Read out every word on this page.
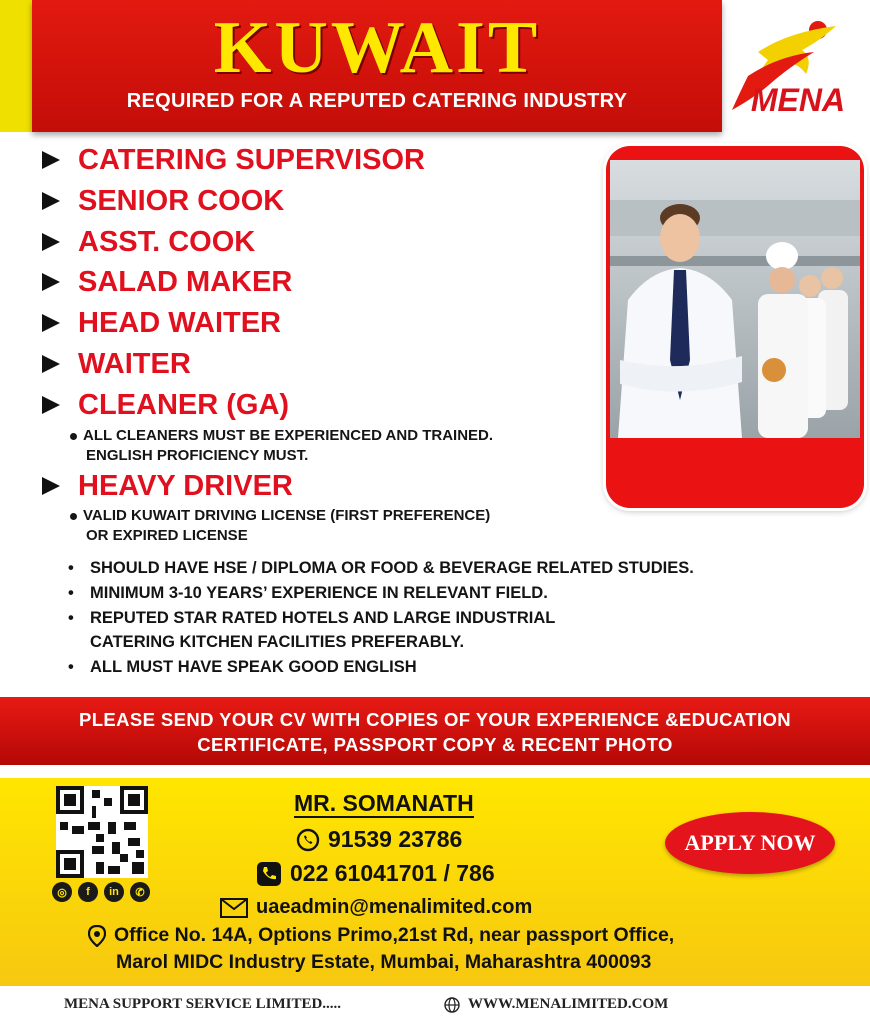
KUWAIT
REQUIRED FOR A REPUTED CATERING INDUSTRY	MENA
CATERING SUPERVISOR
SENIOR COOK
ASST. COOK
SALAD MAKER
HEAD WAITER
WAITER
CLEANER (GA)
ALL CLEANERS MUST BE EXPERIENCED AND TRAINED.
ENGLISH PROFICIENCY MUST.
HEAVY DRIVER
VALID KUWAIT DRIVING LICENSE (FIRST PREFERENCE)
OR EXPIRED LICENSE
• SHOULD HAVE HSE / DIPLOMA OR FOOD & BEVERAGE RELATED STUDIES.
• MINIMUM 3-10 YEARS’ EXPERIENCE IN RELEVANT FIELD.
• REPUTED STAR RATED HOTELS AND LARGE INDUSTRIAL
CATERING KITCHEN FACILITIES PREFERABLY.
• ALL MUST HAVE SPEAK GOOD ENGLISH
PLEASE SEND YOUR CV WITH COPIES OF YOUR EXPERIENCE &EDUCATION
CERTIFICATE, PASSPORT COPY & RECENT PHOTO
◎	f	in	✆
MR. SOMANATH
91539 23786
022 61041701 / 786
uaeadmin@menalimited.com
Office No. 14A, Options Primo,21st Rd, near passport Office,
Marol MIDC Industry Estate, Mumbai, Maharashtra 400093
APPLY NOW
MENA SUPPORT SERVICE LIMITED.....	WWW.MENALIMITED.COM
